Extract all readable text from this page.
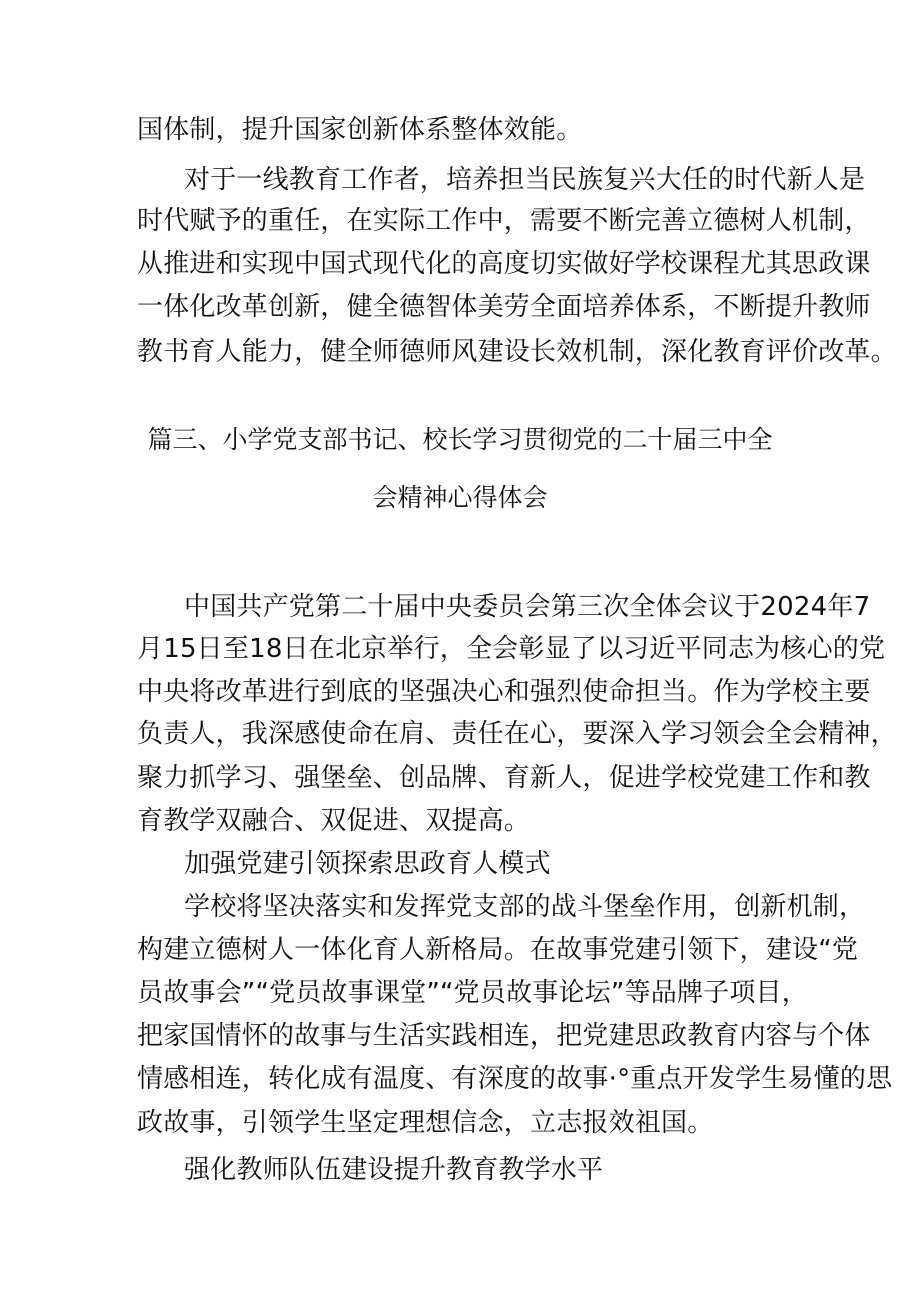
国体制，提升国家创新体系整体效能。
对于一线教育工作者，培养担当民族复兴大任的时代新人是
时代赋予的重任，在实际工作中，需要不断完善立德树人机制，
从推进和实现中国式现代化的高度切实做好学校课程尤其思政课
一体化改革创新，健全德智体美劳全面培养体系，不断提升教师
教书育人能力，健全师德师风建设长效机制，深化教育评价改革。
篇三、小学党支部书记、校长学习贯彻党的二十届三中全
会精神心得体会
中国共产党第二十届中央委员会第三次全体会议于2024年7
月15日至18日在北京举行，全会彰显了以习近平同志为核心的党
中央将改革进行到底的坚强决心和强烈使命担当。作为学校主要
负责人，我深感使命在肩、责任在心，要深入学习领会全会精神，
聚力抓学习、强堡垒、创品牌、育新人，促进学校党建工作和教
育教学双融合、双促进、双提高。
加强党建引领探索思政育人模式
学校将坚决落实和发挥党支部的战斗堡垒作用，创新机制，
构建立德树人一体化育人新格局。在故事党建引领下，建设“党
员故事会”“党员故事课堂”“党员故事论坛”等品牌子项目，
把家国情怀的故事与生活实践相连，把党建思政教育内容与个体
情感相连，转化成有温度、有深度的故事·°重点开发学生易懂的思
政故事，引领学生坚定理想信念，立志报效祖国。
强化教师队伍建设提升教育教学水平
